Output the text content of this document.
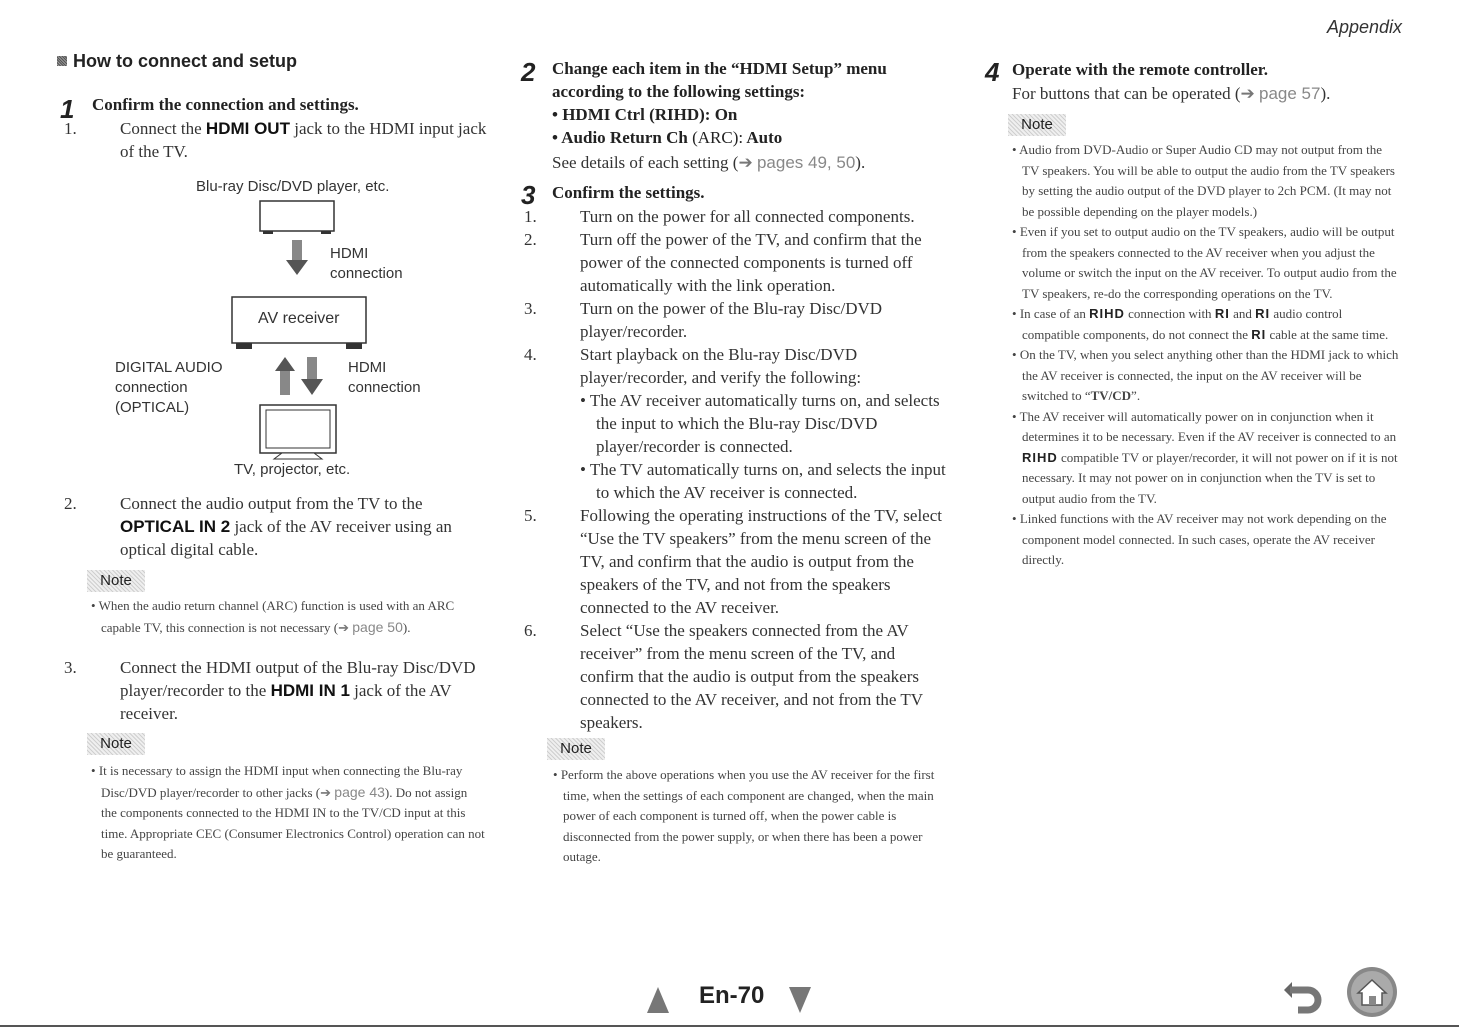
Appendix
How to connect and setup
1 Confirm the connection and settings.
1.	Connect the HDMI OUT jack to the HDMI input jack of the TV.
Blu-ray Disc/DVD player, etc.
HDMI
connection
AV receiver
DIGITAL AUDIO
connection
(OPTICAL)
HDMI
connection
TV, projector, etc.
2.	Connect the audio output from the TV to the OPTICAL IN 2 jack of the AV receiver using an optical digital cable.
Note

• When the audio return channel (ARC) function is used with an ARC capable TV, this connection is not necessary (➔ page 50).

3.	Connect the HDMI output of the Blu-ray Disc/DVD player/recorder to the HDMI IN 1 jack of the AV receiver.
Note

• It is necessary to assign the HDMI input when connecting the Blu-ray Disc/DVD player/recorder to other jacks (➔ page 43). Do not assign the components connected to the HDMI IN to the TV/CD input at this time. Appropriate CEC (Consumer Electronics Control) operation can not be guaranteed.

2 Change each item in the “HDMI Setup” menu
according to the following settings:
• HDMI Ctrl (RIHD): On
• Audio Return Ch (ARC): Auto
See details of each setting (➔ pages 49, 50).
3 Confirm the settings.
1.	Turn on the power for all connected components.
2.	Turn off the power of the TV, and confirm that the power of the connected components is turned off automatically with the link operation.
3.	Turn on the power of the Blu-ray Disc/DVD player/recorder.
4.	Start playback on the Blu-ray Disc/DVD player/recorder, and verify the following:
• The AV receiver automatically turns on, and selects the input to which the Blu-ray Disc/DVD player/recorder is connected.
• The TV automatically turns on, and selects the input to which the AV receiver is connected.
5.	Following the operating instructions of the TV, select “Use the TV speakers” from the menu screen of the TV, and confirm that the audio is output from the speakers of the TV, and not from the speakers connected to the AV receiver.
6.	Select “Use the speakers connected from the AV receiver” from the menu screen of the TV, and confirm that the audio is output from the speakers connected to the AV receiver, and not from the TV speakers.
Note

• Perform the above operations when you use the AV receiver for the first time, when the settings of each component are changed, when the main power of each component is turned off, when the power cable is disconnected from the power supply, or when there has been a power outage.

4 Operate with the remote controller.
For buttons that can be operated (➔ page 57).
Note

• Audio from DVD-Audio or Super Audio CD may not output from the TV speakers. You will be able to output the audio from the TV speakers by setting the audio output of the DVD player to 2ch PCM. (It may not be possible depending on the player models.)

• Even if you set to output audio on the TV speakers, audio will be output from the speakers connected to the AV receiver when you adjust the volume or switch the input on the AV receiver. To output audio from the TV speakers, re-do the corresponding operations on the TV.

• In case of an RIHD connection with RI and RI audio control compatible components, do not connect the RI cable at the same time.

• On the TV, when you select anything other than the HDMI jack to which the AV receiver is connected, the input on the AV receiver will be switched to “TV/CD”.

• The AV receiver will automatically power on in conjunction when it determines it to be necessary. Even if the AV receiver is connected to an RIHD compatible TV or player/recorder, it will not power on if it is not necessary. It may not power on in conjunction when the TV is set to output audio from the TV.

• Linked functions with the AV receiver may not work depending on the component model connected. In such cases, operate the AV receiver directly.

En-70
